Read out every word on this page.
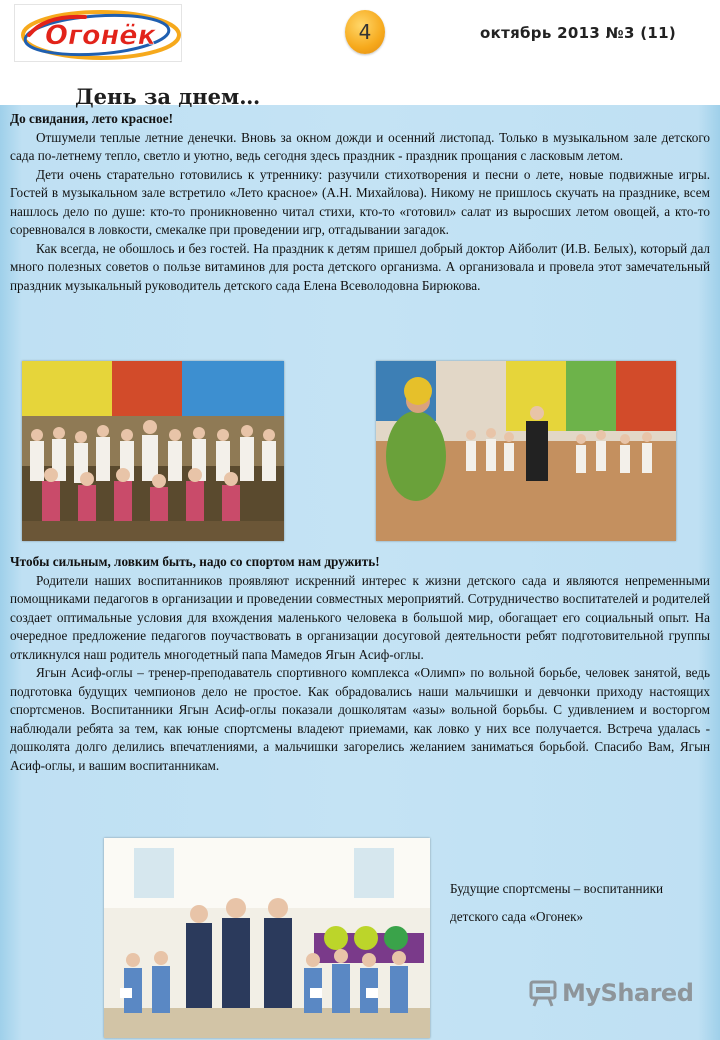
Огонёк	4	октябрь 2013 №3 (11)
День за днем…

До свидания, лето красное!

Отшумели теплые летние денечки. Вновь за окном дожди и осенний листопад. Только в музыкальном зале детского сада по-летнему тепло, светло и уютно, ведь сегодня здесь праздник - праздник прощания с ласковым летом.

Дети очень старательно готовились к утреннику: разучили стихотворения и песни о лете, новые подвижные игры. Гостей в музыкальном зале встретило «Лето красное» (А.Н. Михайлова). Никому не пришлось скучать на празднике, всем нашлось дело по душе: кто-то проникновенно читал стихи, кто-то «готовил» салат из выросших летом овощей, а кто-то соревновался в ловкости, смекалке при проведении игр, отгадывании загадок.

Как всегда, не обошлось и без гостей. На праздник к детям пришел добрый доктор Айболит (И.В. Белых), который дал много полезных советов о пользе витаминов для роста детского организма. А организовала и провела этот замечательный праздник музыкальный руководитель детского сада Елена Всеволодовна Бирюкова.

Чтобы сильным, ловким быть, надо со спортом нам дружить!

Родители наших воспитанников проявляют искренний интерес к жизни детского сада и являются непременными помощниками педагогов в организации и проведении совместных мероприятий. Сотрудничество воспитателей и родителей создает оптимальные условия для вхождения маленького человека в большой мир, обогащает его социальный опыт. На очередное предложение педагогов поучаствовать в организации досуговой деятельности ребят подготовительной группы откликнулся наш родитель многодетный папа Мамедов Ягын Асиф-оглы.

Ягын Асиф-оглы – тренер-преподаватель спортивного комплекса «Олимп» по вольной борьбе, человек занятой, ведь подготовка будущих чемпионов дело не простое. Как обрадовались наши мальчишки и девчонки приходу настоящих спортсменов. Воспитанники Ягын Асиф-оглы показали дошколятам «азы» вольной борьбы. С удивлением и восторгом наблюдали ребята за тем, как юные спортсмены владеют приемами, как ловко у них все получается. Встреча удалась - дошколята долго делились впечатлениями, а мальчишки загорелись желанием заниматься борьбой. Спасибо Вам, Ягын Асиф-оглы, и вашим воспитанникам.

Будущие спортсмены – воспитанники
детского сада «Огонек»
MyShared
